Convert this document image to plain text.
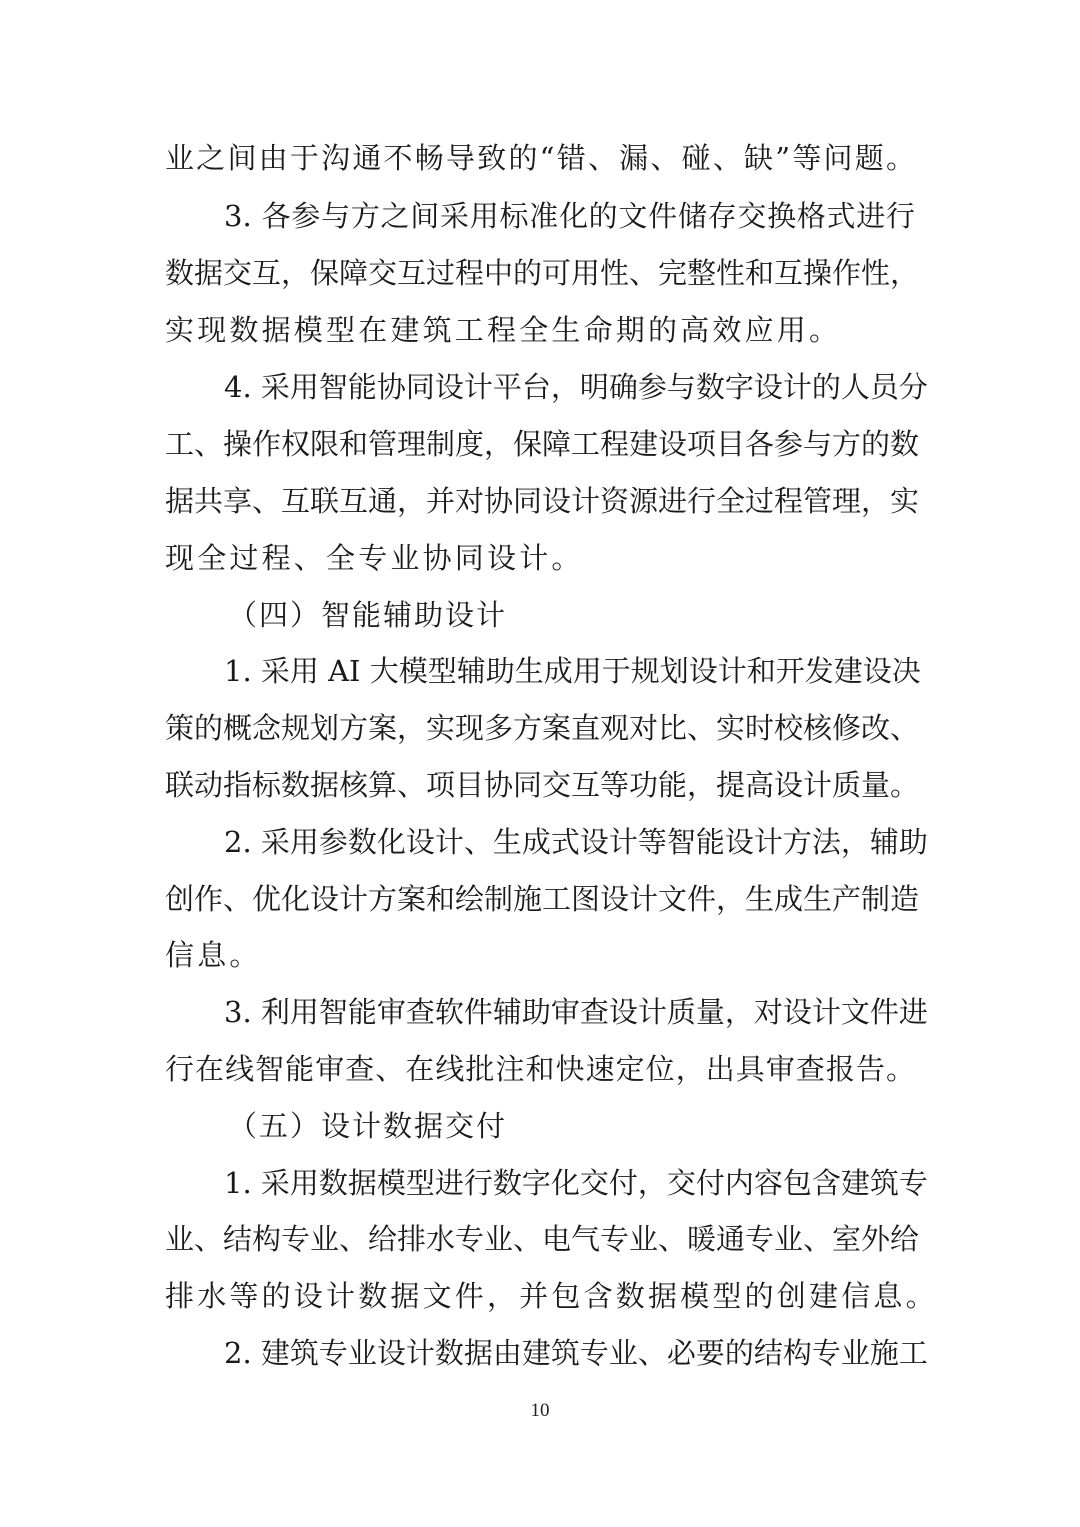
业之间由于沟通不畅导致的“错、漏、碰、缺”等问题。
3. 各参与方之间采用标准化的文件储存交换格式进行
数据交互，保障交互过程中的可用性、完整性和互操作性，
实现数据模型在建筑工程全生命期的高效应用。
4. 采用智能协同设计平台，明确参与数字设计的人员分
工、操作权限和管理制度，保障工程建设项目各参与方的数
据共享、互联互通，并对协同设计资源进行全过程管理，实
现全过程、全专业协同设计。
（四）智能辅助设计
1. 采用 AI 大模型辅助生成用于规划设计和开发建设决
策的概念规划方案，实现多方案直观对比、实时校核修改、
联动指标数据核算、项目协同交互等功能，提高设计质量。
2. 采用参数化设计、生成式设计等智能设计方法，辅助
创作、优化设计方案和绘制施工图设计文件，生成生产制造
信息。
3. 利用智能审查软件辅助审查设计质量，对设计文件进
行在线智能审查、在线批注和快速定位，出具审查报告。
（五）设计数据交付
1. 采用数据模型进行数字化交付，交付内容包含建筑专
业、结构专业、给排水专业、电气专业、暖通专业、室外给
排水等的设计数据文件，并包含数据模型的创建信息。
2. 建筑专业设计数据由建筑专业、必要的结构专业施工
10
